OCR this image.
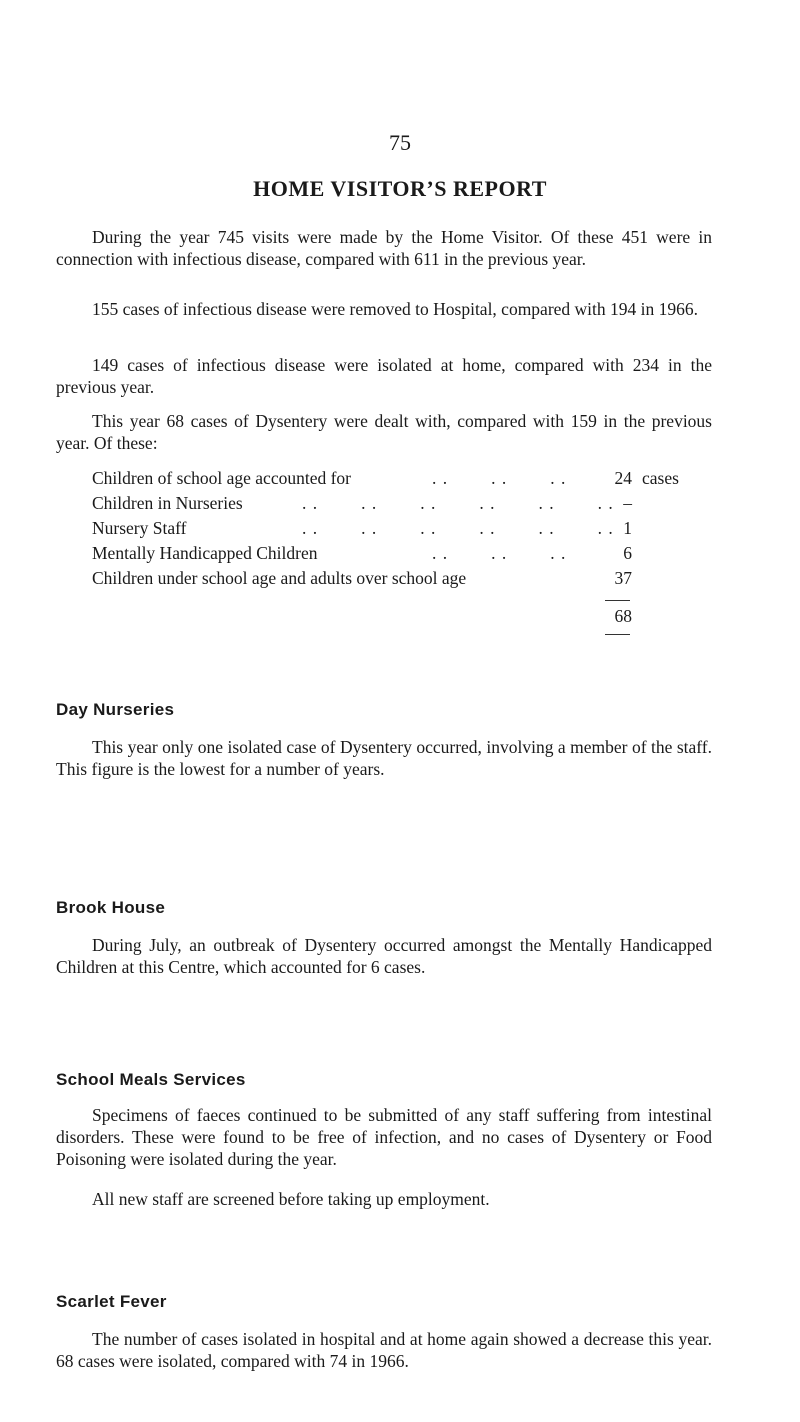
75
HOME VISITOR’S REPORT

During the year 745 visits were made by the Home Visitor. Of these 451 were in connection with infectious disease, compared with 611 in the previous year.

155 cases of infectious disease were removed to Hospital, compared with 194 in 1966.

149 cases of infectious disease were isolated at home, compared with 234 in the previous year.

This year 68 cases of Dysentery were dealt with, compared with 159 in the previous year. Of these:

Children of school age accounted for	. .        . .        . .	24 cases
Children in Nurseries	. .        . .        . .        . .        . .        . . –
Nursery Staff	. .        . .        . .        . .        . .        . . 1
Mentally Handicapped Children	. .        . .        . .	6
Children under school age and adults over school age	37
68
Day Nurseries

This year only one isolated case of Dysentery occurred, involving a member of the staff. This figure is the lowest for a number of years.

Brook House

During July, an outbreak of Dysentery occurred amongst the Mentally Handicapped Children at this Centre, which accounted for 6 cases.

School Meals Services

Specimens of faeces continued to be submitted of any staff suffering from intestinal disorders. These were found to be free of infection, and no cases of Dysentery or Food Poisoning were isolated during the year.

All new staff are screened before taking up employment.

Scarlet Fever

The number of cases isolated in hospital and at home again showed a decrease this year. 68 cases were isolated, compared with 74 in 1966.
